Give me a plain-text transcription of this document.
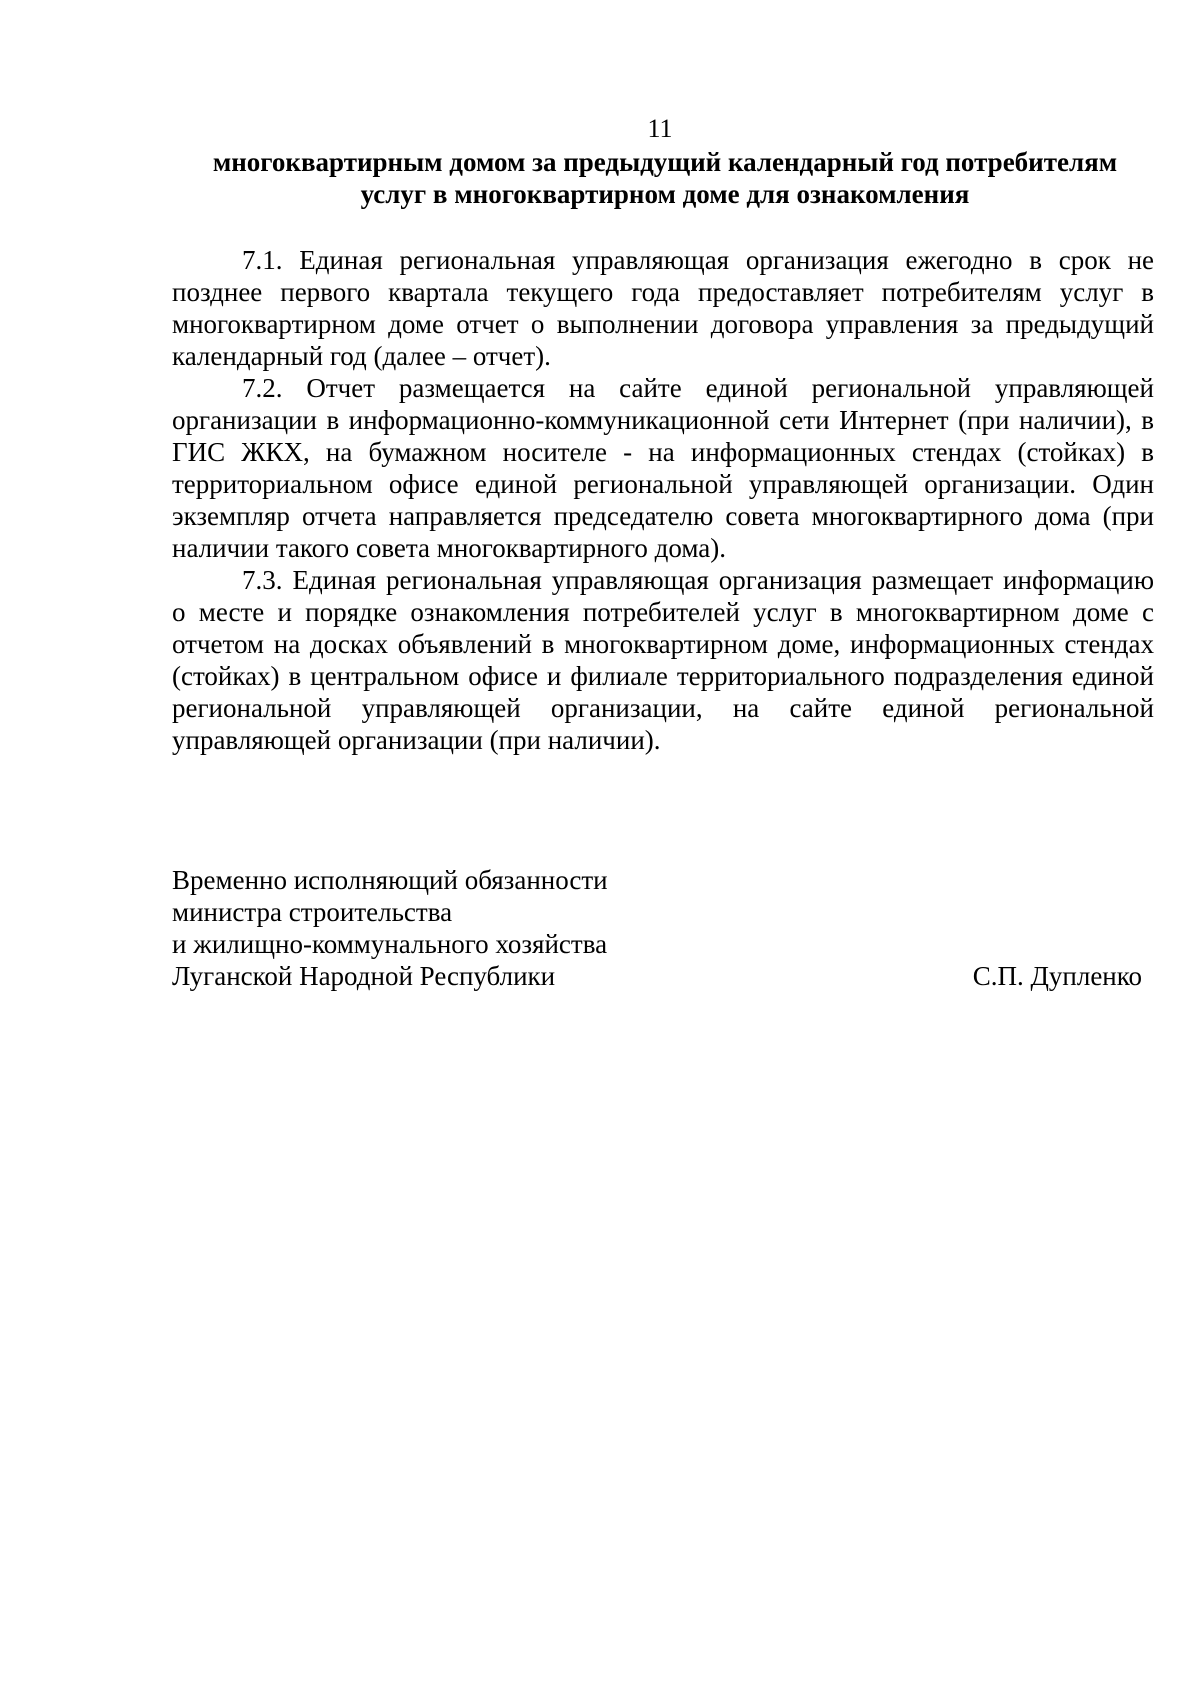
11
многоквартирным домом за предыдущий календарный год потребителям
услуг в многоквартирном доме для ознакомления

7.1. Единая региональная управляющая организация ежегодно в срок не позднее первого квартала текущего года предоставляет потребителям услуг в многоквартирном доме отчет о выполнении договора управления за предыдущий календарный год (далее – отчет).

7.2. Отчет размещается на сайте единой региональной управляющей организации в информационно-коммуникационной сети Интернет (при наличии), в ГИС ЖКХ, на бумажном носителе - на информационных стендах (стойках) в территориальном офисе единой региональной управляющей организации. Один экземпляр отчета направляется председателю совета многоквартирного дома (при наличии такого совета многоквартирного дома).

7.3. Единая региональная управляющая организация размещает информацию о месте и порядке ознакомления потребителей услуг в многоквартирном доме с отчетом на досках объявлений в многоквартирном доме, информационных стендах (стойках) в центральном офисе и филиале территориального подразделения единой региональной управляющей организации, на сайте единой региональной управляющей организации (при наличии).

Временно исполняющий обязанности
министра строительства
и жилищно-коммунального хозяйства
Луганской Народной Республики	С.П. Дупленко
